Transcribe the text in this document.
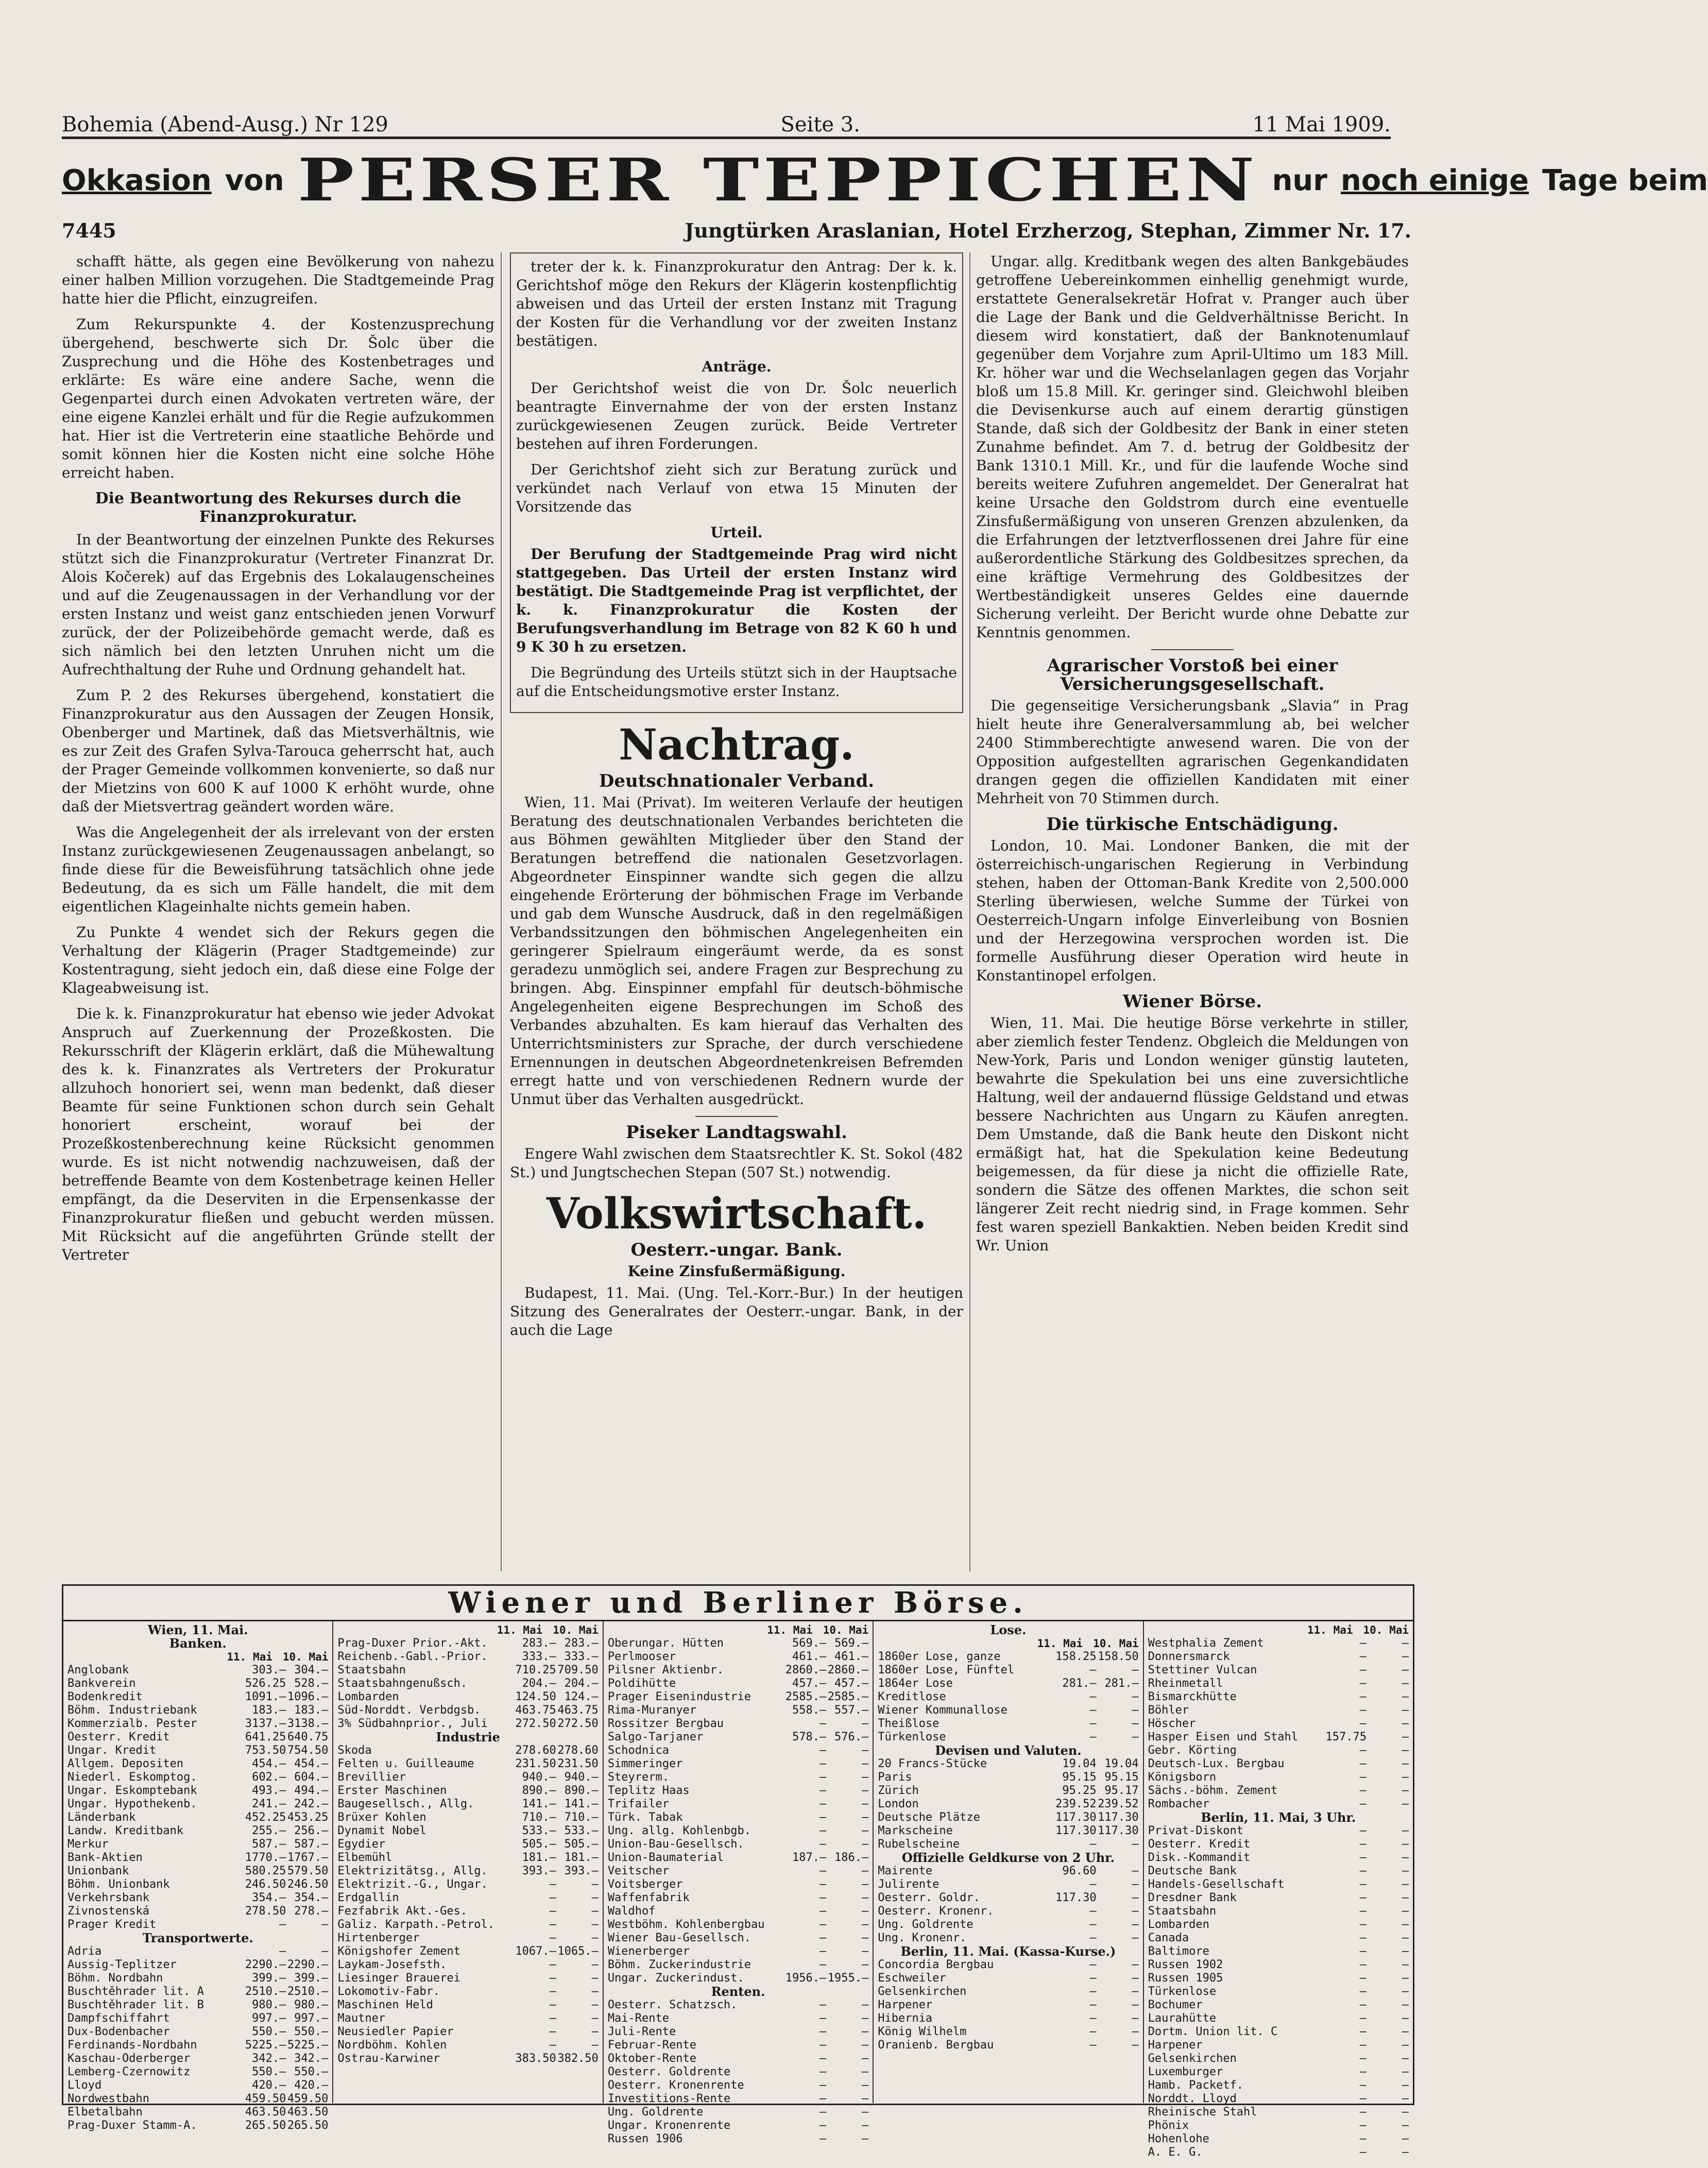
Bohemia (Abend-Ausg.) Nr 129	Seite 3.	11 Mai 1909.
Okkasion von PERSER TEPPICHEN nur noch einige Tage beim
7445	Jungtürken Araslanian, Hotel Erzherzog, Stephan, Zimmer Nr. 17.

schafft hätte, als gegen eine Bevölkerung von nahezu einer halben Million vorzugehen. Die Stadtgemeinde Prag hatte hier die Pflicht, einzugreifen.

Zum Rekurspunkte 4. der Kostenzusprechung übergehend, beschwerte sich Dr. Šolc über die Zusprechung und die Höhe des Kostenbetrages und erklärte: Es wäre eine andere Sache, wenn die Gegenpartei durch einen Advokaten vertreten wäre, der eine eigene Kanzlei erhält und für die Regie aufzukommen hat. Hier ist die Vertreterin eine staatliche Behörde und somit können hier die Kosten nicht eine solche Höhe erreicht haben.

Die Beantwortung des Rekurses durch die Finanzprokuratur.

In der Beantwortung der einzelnen Punkte des Rekurses stützt sich die Finanzprokuratur (Vertreter Finanzrat Dr. Alois Kočerek) auf das Ergebnis des Lokalaugenscheines und auf die Zeugenaussagen in der Verhandlung vor der ersten Instanz und weist ganz entschieden jenen Vorwurf zurück, der der Polizeibehörde gemacht werde, daß es sich nämlich bei den letzten Unruhen nicht um die Aufrechthaltung der Ruhe und Ordnung gehandelt hat.

Zum P. 2 des Rekurses übergehend, konstatiert die Finanzprokuratur aus den Aussagen der Zeugen Honsik, Obenberger und Martinek, daß das Mietsverhältnis, wie es zur Zeit des Grafen Sylva-Tarouca geherrscht hat, auch der Prager Gemeinde vollkommen konvenierte, so daß nur der Mietzins von 600 K auf 1000 K erhöht wurde, ohne daß der Mietsvertrag geändert worden wäre.

Was die Angelegenheit der als irrelevant von der ersten Instanz zurückgewiesenen Zeugenaussagen anbelangt, so finde diese für die Beweisführung tatsächlich ohne jede Bedeutung, da es sich um Fälle handelt, die mit dem eigentlichen Klageinhalte nichts gemein haben.

Zu Punkte 4 wendet sich der Rekurs gegen die Verhaltung der Klägerin (Prager Stadtgemeinde) zur Kostentragung, sieht jedoch ein, daß diese eine Folge der Klageabweisung ist.

Die k. k. Finanzprokuratur hat ebenso wie jeder Advokat Anspruch auf Zuerkennung der Prozeßkosten. Die Rekursschrift der Klägerin erklärt, daß die Mühewaltung des k. k. Finanzrates als Vertreters der Prokuratur allzuhoch honoriert sei, wenn man bedenkt, daß dieser Beamte für seine Funktionen schon durch sein Gehalt honoriert erscheint, worauf bei der Prozeßkostenberechnung keine Rücksicht genommen wurde. Es ist nicht notwendig nachzuweisen, daß der betreffende Beamte von dem Kostenbetrage keinen Heller empfängt, da die Deserviten in die Erpensenkasse der Finanzprokuratur fließen und gebucht werden müssen. Mit Rücksicht auf die angeführten Gründe stellt der Vertreter

treter der k. k. Finanzprokuratur den Antrag: Der k. k. Gerichtshof möge den Rekurs der Klägerin kostenpflichtig abweisen und das Urteil der ersten Instanz mit Tragung der Kosten für die Verhandlung vor der zweiten Instanz bestätigen.

Anträge.

Der Gerichtshof weist die von Dr. Šolc neuerlich beantragte Einvernahme der von der ersten Instanz zurückgewiesenen Zeugen zurück. Beide Vertreter bestehen auf ihren Forderungen.

Der Gerichtshof zieht sich zur Beratung zurück und verkündet nach Verlauf von etwa 15 Minuten der Vorsitzende das

Urteil.

Der Berufung der Stadtgemeinde Prag wird nicht stattgegeben. Das Urteil der ersten Instanz wird bestätigt. Die Stadtgemeinde Prag ist verpflichtet, der k. k. Finanzprokuratur die Kosten der Berufungsverhandlung im Betrage von 82 K 60 h und 9 K 30 h zu ersetzen.

Die Begründung des Urteils stützt sich in der Hauptsache auf die Entscheidungsmotive erster Instanz.

Nachtrag.
Deutschnationaler Verband.

Wien, 11. Mai (Privat). Im weiteren Verlaufe der heutigen Beratung des deutschnationalen Verbandes berichteten die aus Böhmen gewählten Mitglieder über den Stand der Beratungen betreffend die nationalen Gesetzvorlagen. Abgeordneter Einspinner wandte sich gegen die allzu eingehende Erörterung der böhmischen Frage im Verbande und gab dem Wunsche Ausdruck, daß in den regelmäßigen Verbandssitzungen den böhmischen Angelegenheiten ein geringerer Spielraum eingeräumt werde, da es sonst geradezu unmöglich sei, andere Fragen zur Besprechung zu bringen. Abg. Einspinner empfahl für deutsch-böhmische Angelegenheiten eigene Besprechungen im Schoß des Verbandes abzuhalten. Es kam hierauf das Verhalten des Unterrichtsministers zur Sprache, der durch verschiedene Ernennungen in deutschen Abgeordnetenkreisen Befremden erregt hatte und von verschiedenen Rednern wurde der Unmut über das Verhalten ausgedrückt.

Piseker Landtagswahl.

Engere Wahl zwischen dem Staatsrechtler K. St. Sokol (482 St.) und Jungtschechen Stepan (507 St.) notwendig.

Volkswirtschaft.
Oesterr.-ungar. Bank.
Keine Zinsfußermäßigung.

Budapest, 11. Mai. (Ung. Tel.-Korr.-Bur.) In der heutigen Sitzung des Generalrates der Oesterr.-ungar. Bank, in der auch die Lage

Ungar. allg. Kreditbank wegen des alten Bankgebäudes getroffene Uebereinkommen einhellig genehmigt wurde, erstattete Generalsekretär Hofrat v. Pranger auch über die Lage der Bank und die Geldverhältnisse Bericht. In diesem wird konstatiert, daß der Banknotenumlauf gegenüber dem Vorjahre zum April-Ultimo um 183 Mill. Kr. höher war und die Wechselanlagen gegen das Vorjahr bloß um 15.8 Mill. Kr. geringer sind. Gleichwohl bleiben die Devisenkurse auch auf einem derartig günstigen Stande, daß sich der Goldbesitz der Bank in einer steten Zunahme befindet. Am 7. d. betrug der Goldbesitz der Bank 1310.1 Mill. Kr., und für die laufende Woche sind bereits weitere Zufuhren angemeldet. Der Generalrat hat keine Ursache den Goldstrom durch eine eventuelle Zinsfußermäßigung von unseren Grenzen abzulenken, da die Erfahrungen der letztverflossenen drei Jahre für eine außerordentliche Stärkung des Goldbesitzes sprechen, da eine kräftige Vermehrung des Goldbesitzes der Wertbeständigkeit unseres Geldes eine dauernde Sicherung verleiht. Der Bericht wurde ohne Debatte zur Kenntnis genommen.

Agrarischer Vorstoß bei einer Versicherungsgesellschaft.

Die gegenseitige Versicherungsbank „Slavia“ in Prag hielt heute ihre Generalversammlung ab, bei welcher 2400 Stimmberechtigte anwesend waren. Die von der Opposition aufgestellten agrarischen Gegenkandidaten drangen gegen die offiziellen Kandidaten mit einer Mehrheit von 70 Stimmen durch.

Die türkische Entschädigung.

London, 10. Mai. Londoner Banken, die mit der österreichisch-ungarischen Regierung in Verbindung stehen, haben der Ottoman-Bank Kredite von 2,500.000 Sterling überwiesen, welche Summe der Türkei von Oesterreich-Ungarn infolge Einverleibung von Bosnien und der Herzegowina versprochen worden ist. Die formelle Ausführung dieser Operation wird heute in Konstantinopel erfolgen.

Wiener Börse.

Wien, 11. Mai. Die heutige Börse verkehrte in stiller, aber ziemlich fester Tendenz. Obgleich die Meldungen von New-York, Paris und London weniger günstig lauteten, bewahrte die Spekulation bei uns eine zuversichtliche Haltung, weil der andauernd flüssige Geldstand und etwas bessere Nachrichten aus Ungarn zu Käufen anregten. Dem Umstande, daß die Bank heute den Diskont nicht ermäßigt hat, hat die Spekulation keine Bedeutung beigemessen, da für diese ja nicht die offizielle Rate, sondern die Sätze des offenen Marktes, die schon seit längerer Zeit recht niedrig sind, in Frage kommen. Sehr fest waren speziell Bankaktien. Neben beiden Kredit sind Wr. Union

Wiener und Berliner Börse.
Wien, 11. Mai.
Banken.
11. Mai 10. Mai
Anglobank	303.— 304.—
Bankverein	526.25 528.—
Bodenkredit	1091.— 1096.—
Böhm. Industriebank	183.— 183.—
Kommerzialb. Pester	3137.— 3138.—
Oesterr. Kredit	641.25 640.75
Ungar. Kredit	753.50 754.50
Allgem. Depositen	454.— 454.—
Niederl. Eskomptog.	602.— 604.—
Ungar. Eskomptebank	493.— 494.—
Ungar. Hypothekenb.	241.— 242.—
Länderbank	452.25 453.25
Landw. Kreditbank	255.— 256.—
Merkur	587.— 587.—
Bank-Aktien	1770.— 1767.—
Unionbank	580.25 579.50
Böhm. Unionbank	246.50 246.50
Verkehrsbank	354.— 354.—
Zivnostenská	278.50 278.—
Prager Kredit	—	—
Transportwerte.
Adria	—	—
Aussig-Teplitzer	2290.— 2290.—
Böhm. Nordbahn	399.— 399.—
Buschtěhrader lit. A	2510.— 2510.—
Buschtěhrader lit. B	980.— 980.—
Dampfschiffahrt	997.— 997.—
Dux-Bodenbacher	550.— 550.—
Ferdinands-Nordbahn	5225.— 5225.—
Kaschau-Oderberger	342.— 342.—
Lemberg-Czernowitz	550.— 550.—
Lloyd	420.— 420.—
Nordwestbahn	459.50 459.50
Elbetalbahn	463.50 463.50
Prag-Duxer Stamm-A.	265.50 265.50
11. Mai 10. Mai
Prag-Duxer Prior.-Akt.	283.— 283.—
Reichenb.-Gabl.-Prior.	333.— 333.—
Staatsbahn	710.25 709.50
Staatsbahngenußsch.	204.— 204.—
Lombarden	124.50 124.—
Süd-Norddt. Verbdgsb.	463.75 463.75
3% Südbahnprior., Juli	272.50 272.50
Industrie
Skoda	278.60 278.60
Felten u. Guilleaume	231.50 231.50
Brevillier	940.— 940.—
Erster Maschinen	890.— 890.—
Baugesellsch., Allg.	141.— 141.—
Brüxer Kohlen	710.— 710.—
Dynamit Nobel	533.— 533.—
Egydier	505.— 505.—
Elbemühl	181.— 181.—
Elektrizitätsg., Allg.	393.— 393.—
Elektrizit.-G., Ungar.	—	—
Erdgallin	—	—
Fezfabrik Akt.-Ges.	—	—
Galiz. Karpath.-Petrol.	—	—
Hirtenberger	—	—
Königshofer Zement	1067.— 1065.—
Laykam-Josefsth.	—	—
Liesinger Brauerei	—	—
Lokomotiv-Fabr.	—	—
Maschinen Held	—	—
Mautner	—	—
Neusiedler Papier	—	—
Nordböhm. Kohlen	—	—
Ostrau-Karwiner	383.50 382.50
11. Mai 10. Mai
Oberungar. Hütten	569.— 569.—
Perlmooser	461.— 461.—
Pilsner Aktienbr.	2860.— 2860.—
Poldihütte	457.— 457.—
Prager Eisenindustrie	2585.— 2585.—
Rima-Muranyer	558.— 557.—
Rossitzer Bergbau	—	—
Salgo-Tarjaner	578.— 576.—
Schodnica	—	—
Simmeringer	—	—
Steyrerm.	—	—
Teplitz Haas	—	—
Trifailer	—	—
Türk. Tabak	—	—
Ung. allg. Kohlenbgb.	—	—
Union-Bau-Gesellsch.	—	—
Union-Baumaterial	187.— 186.—
Veitscher	—	—
Voitsberger	—	—
Waffenfabrik	—	—
Waldhof	—	—
Westböhm. Kohlenbergbau	—	—
Wiener Bau-Gesellsch.	—	—
Wienerberger	—	—
Böhm. Zuckerindustrie	—	—
Ungar. Zuckerindust.	1956.— 1955.—
Renten.
Oesterr. Schatzsch.	—	—
Mai-Rente	—	—
Juli-Rente	—	—
Februar-Rente	—	—
Oktober-Rente	—	—
Oesterr. Goldrente	—	—
Oesterr. Kronenrente	—	—
Investitions-Rente	—	—
Ung. Goldrente	—	—
Ungar. Kronenrente	—	—
Russen 1906	—	—
Lose.
11. Mai 10. Mai
1860er Lose, ganze	158.25 158.50
1860er Lose, Fünftel	—	—
1864er Lose	281.— 281.—
Kreditlose	—	—
Wiener Kommunallose	—	—
Theißlose	—	—
Türkenlose	—	—
Devisen und Valuten.
20 Francs-Stücke	19.04 19.04
Paris	95.15 95.15
Zürich	95.25 95.17
London	239.52 239.52
Deutsche Plätze	117.30 117.30
Markscheine	117.30 117.30
Rubelscheine	—	—
Offizielle Geldkurse von 2 Uhr.
Mairente	96.60	—
Julirente	—	—
Oesterr. Goldr.	117.30	—
Oesterr. Kronenr.	—	—
Ung. Goldrente	—	—
Ung. Kronenr.	—	—
Berlin, 11. Mai. (Kassa-Kurse.)
Concordia Bergbau	—	—
Eschweiler	—	—
Gelsenkirchen	—	—
Harpener	—	—
Hibernia	—	—
König Wilhelm	—	—
Oranienb. Bergbau	—	—
11. Mai 10. Mai
Westphalia Zement	—	—
Donnersmarck	—	—
Stettiner Vulcan	—	—
Rheinmetall	—	—
Bismarckhütte	—	—
Böhler	—	—
Höscher	—	—
Hasper Eisen und Stahl	157.75	—
Gebr. Körting	—	—
Deutsch-Lux. Bergbau	—	—
Königsborn	—	—
Sächs.-böhm. Zement	—	—
Rombacher	—	—
Berlin, 11. Mai, 3 Uhr.
Privat-Diskont	—	—
Oesterr. Kredit	—	—
Disk.-Kommandit	—	—
Deutsche Bank	—	—
Handels-Gesellschaft	—	—
Dresdner Bank	—	—
Staatsbahn	—	—
Lombarden	—	—
Canada	—	—
Baltimore	—	—
Russen 1902	—	—
Russen 1905	—	—
Türkenlose	—	—
Bochumer	—	—
Laurahütte	—	—
Dortm. Union lit. C	—	—
Harpener	—	—
Gelsenkirchen	—	—
Luxemburger	—	—
Hamb. Packetf.	—	—
Norddt. Lloyd	—	—
Rheinische Stahl	—	—
Phönix	—	—
Hohenlohe	—	—
A. E. G.	—	—
